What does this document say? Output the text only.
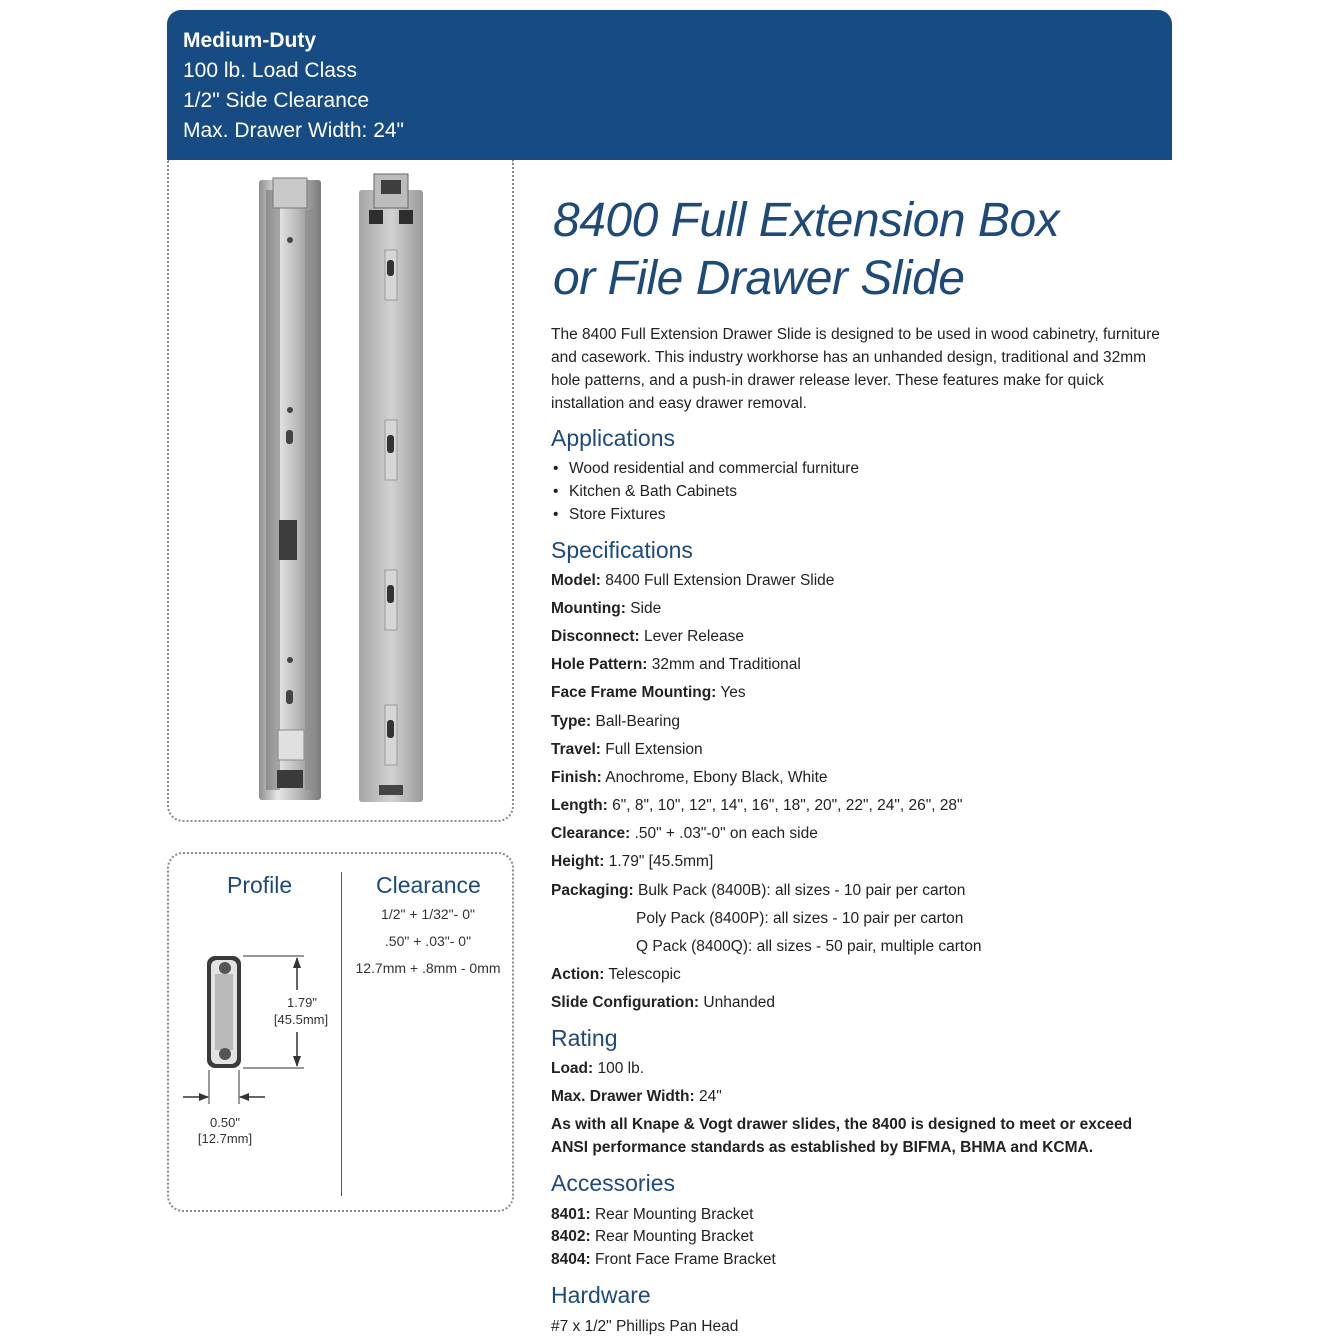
Medium-Duty
100 lb. Load Class
1/2" Side Clearance
Max. Drawer Width: 24"
Profile	Clearance
1/2" + 1/32"- 0"
.50" + .03"- 0"
12.7mm + .8mm - 0mm
1.79"
[45.5mm]
0.50"
[12.7mm]
8400 Full Extension Box
or File Drawer Slide
The 8400 Full Extension Drawer Slide is designed to be used in wood cabinetry, furniture and casework. This industry workhorse has an unhanded design, traditional and 32mm hole patterns, and a push-in drawer release lever. These features make for quick installation and easy drawer removal.
Applications
• Wood residential and commercial furniture
• Kitchen & Bath Cabinets
• Store Fixtures
Specifications
Model: 8400 Full Extension Drawer Slide
Mounting: Side
Disconnect: Lever Release
Hole Pattern: 32mm and Traditional
Face Frame Mounting: Yes
Type: Ball-Bearing
Travel: Full Extension
Finish: Anochrome, Ebony Black, White
Length: 6", 8", 10", 12", 14", 16", 18", 20", 22", 24", 26", 28"
Clearance: .50" + .03"-0" on each side
Height: 1.79" [45.5mm]
Packaging: Bulk Pack (8400B): all sizes - 10 pair per carton
Poly Pack (8400P): all sizes - 10 pair per carton
Q Pack (8400Q): all sizes - 50 pair, multiple carton
Action: Telescopic
Slide Configuration: Unhanded
Rating
Load: 100 lb.
Max. Drawer Width: 24"
As with all Knape & Vogt drawer slides, the 8400 is designed to meet or exceed
ANSI performance standards as established by BIFMA, BHMA and KCMA.
Accessories
8401: Rear Mounting Bracket
8402: Rear Mounting Bracket
8404: Front Face Frame Bracket
Hardware
#7 x 1/2" Phillips Pan Head
